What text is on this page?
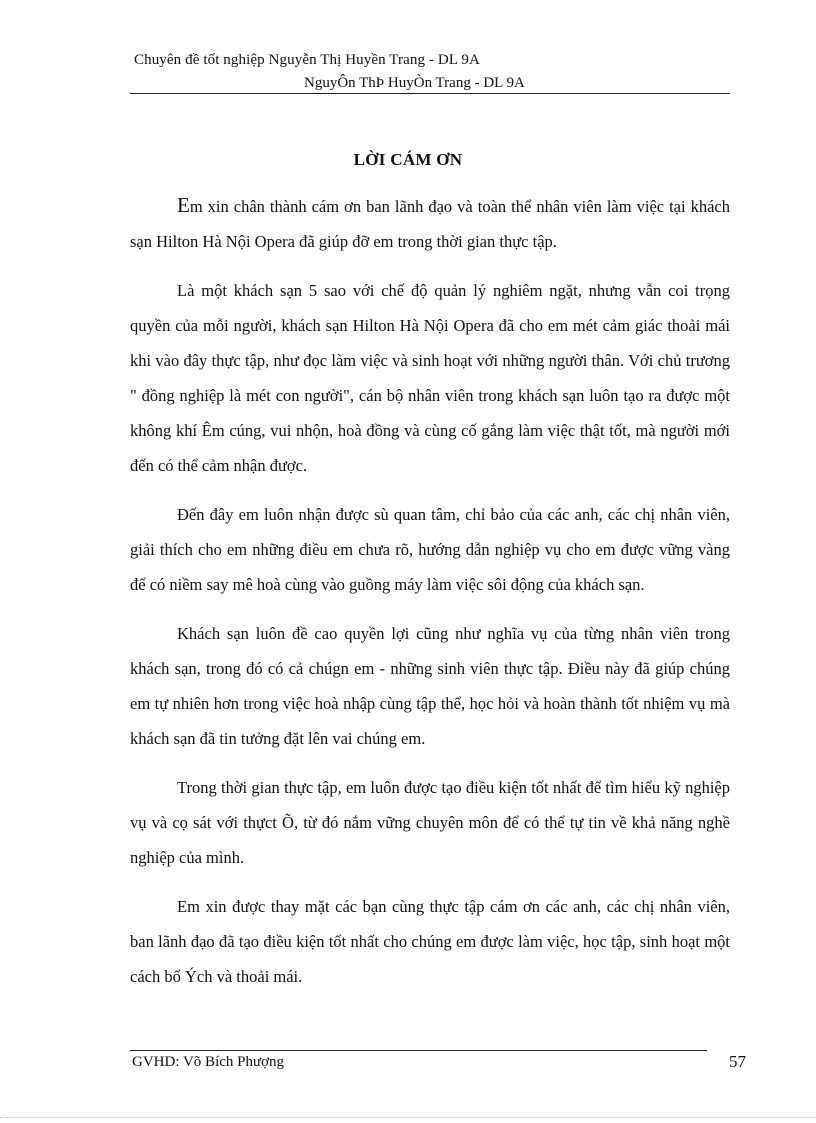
Chuyên đề tốt nghiệp Nguyễn Thị Huyền Trang - DL 9A
NguyÔn ThÞ HuyÒn Trang - DL 9A
LỜI CÁM ƠN

Em xin chân thành cám ơn ban lãnh đạo và toàn thể nhân viên làm việc tại khách sạn Hilton Hà Nội Opera đã giúp đỡ em trong thời gian thực tập.

Là một khách sạn 5 sao với chế độ quản lý nghiêm ngặt, nhưng vẫn coi trọng quyền của mỗi người, khách sạn Hilton Hà Nội Opera đã cho em mét cảm giác thoải mái khi vào đây thực tập, như đọc làm việc và sinh hoạt với những người thân. Với chủ trương " đồng nghiệp là mét con người", cán bộ nhân viên trong khách sạn luôn tạo ra được một không khí Êm cúng, vui nhộn, hoà đồng và cùng cố gắng làm việc thật tốt, mà người mới đến có thể cảm nhận được.

Đến đây em luôn nhận được sù quan tâm, chỉ bảo của các anh, các chị nhân viên, giải thích cho em những điều em chưa rõ, hướng dẫn nghiệp vụ cho em được vững vàng để có niềm say mê hoà cùng vào guồng máy làm việc sôi động của khách sạn.

Khách sạn luôn đề cao quyền lợi cũng như nghĩa vụ của từng nhân viên trong khách sạn, trong đó có cả chúgn em - những sinh viên thực tập. Điều này đã giúp chúng em tự nhiên hơn trong việc hoà nhập cùng tập thể, học hỏi và hoàn thành tốt nhiệm vụ mà khách sạn đã tin tưởng đặt lên vai chúng em.

Trong thời gian thực tập, em luôn được tạo điều kiện tốt nhất để tìm hiểu kỹ nghiệp vụ và cọ sát với thựct Õ, từ đó nắm vững chuyên môn để có thể tự tin về khả năng nghề nghiệp của mình.

Em xin được thay mặt các bạn cùng thực tập cám ơn các anh, các chị nhân viên, ban lãnh đạo đã tạo điều kiện tốt nhất cho chúng em được làm việc, học tập, sinh hoạt một cách bổ Ých và thoải mái.

GVHD: Võ Bích Phượng	57
